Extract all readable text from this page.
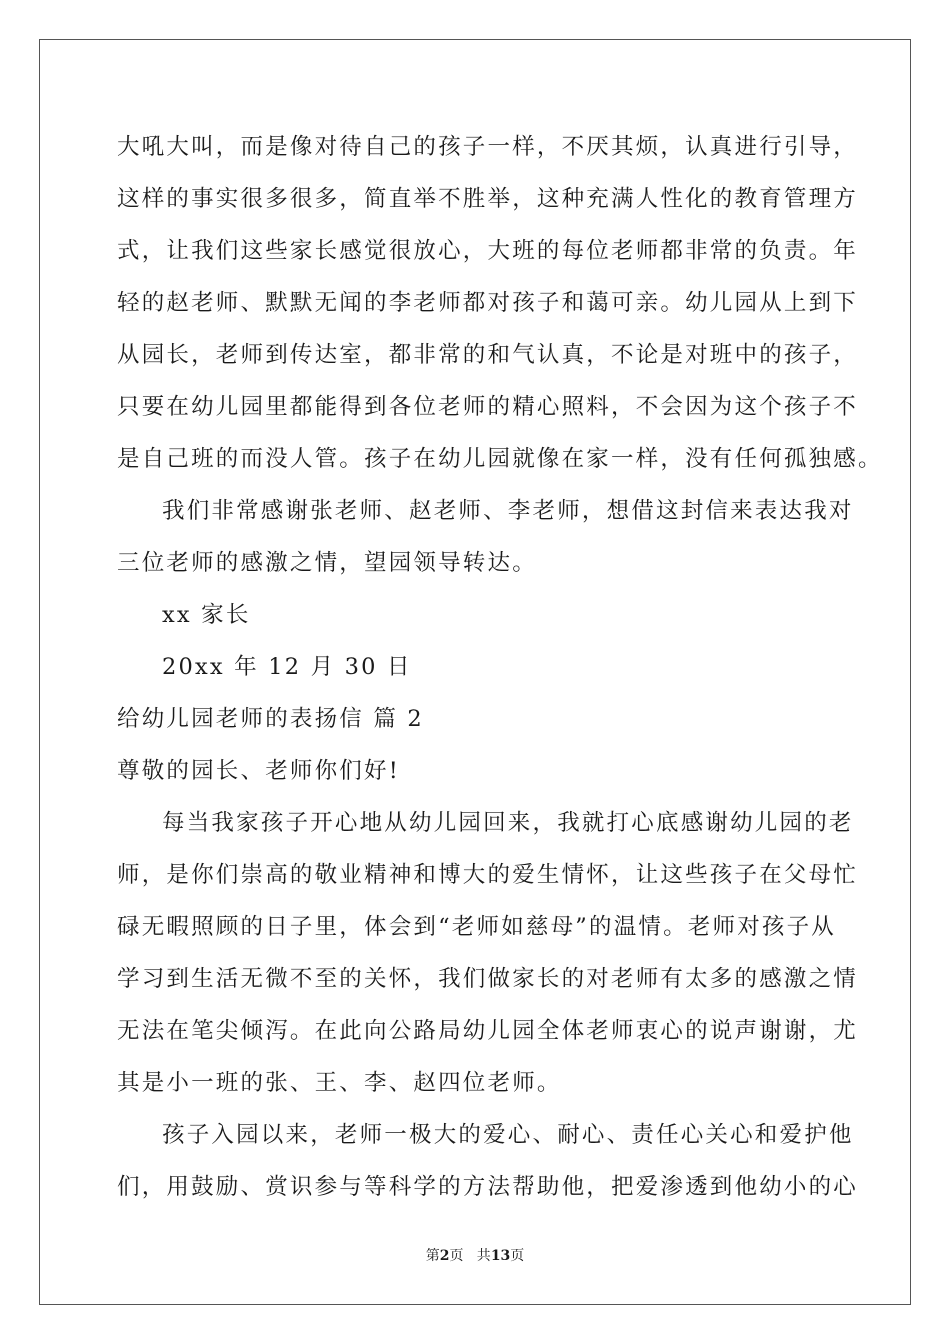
大吼大叫，而是像对待自己的孩子一样，不厌其烦，认真进行引导，
这样的事实很多很多，简直举不胜举，这种充满人性化的教育管理方
式，让我们这些家长感觉很放心，大班的每位老师都非常的负责。年
轻的赵老师、默默无闻的李老师都对孩子和蔼可亲。幼儿园从上到下
从园长，老师到传达室，都非常的和气认真，不论是对班中的孩子，
只要在幼儿园里都能得到各位老师的精心照料，不会因为这个孩子不
是自己班的而没人管。孩子在幼儿园就像在家一样，没有任何孤独感。
我们非常感谢张老师、赵老师、李老师，想借这封信来表达我对
三位老师的感激之情，望园领导转达。
xx 家长
20xx 年 12 月 30 日
给幼儿园老师的表扬信 篇 2
尊敬的园长、老师你们好!
每当我家孩子开心地从幼儿园回来，我就打心底感谢幼儿园的老
师，是你们崇高的敬业精神和博大的爱生情怀，让这些孩子在父母忙
碌无暇照顾的日子里，体会到“老师如慈母”的温情。老师对孩子从
学习到生活无微不至的关怀，我们做家长的对老师有太多的感激之情
无法在笔尖倾泻。在此向公路局幼儿园全体老师衷心的说声谢谢，尤
其是小一班的张、王、李、赵四位老师。
孩子入园以来，老师一极大的爱心、耐心、责任心关心和爱护他
们，用鼓励、赏识参与等科学的方法帮助他，把爱渗透到他幼小的心
第2页   共13页
